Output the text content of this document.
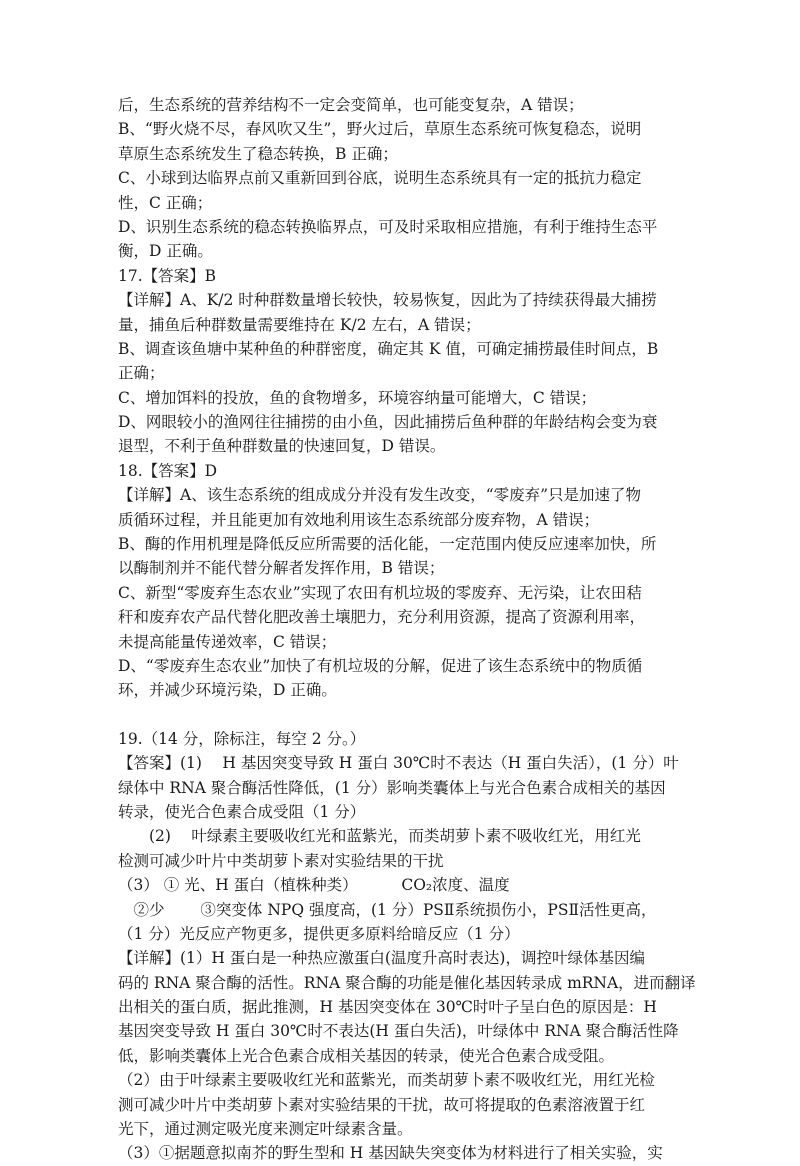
后，生态系统的营养结构不一定会变简单，也可能变复杂，A 错误；
B、“野火烧不尽，春风吹又生”，野火过后，草原生态系统可恢复稳态，说明
草原生态系统发生了稳态转换，B 正确；
C、小球到达临界点前又重新回到谷底，说明生态系统具有一定的抵抗力稳定
性，C 正确；
D、识别生态系统的稳态转换临界点，可及时采取相应措施，有利于维持生态平
衡，D 正确。
17.【答案】B
【详解】A、K/2 时种群数量增长较快，较易恢复，因此为了持续获得最大捕捞
量，捕鱼后种群数量需要维持在 K/2 左右，A 错误；
B、调查该鱼塘中某种鱼的种群密度，确定其 K 值，可确定捕捞最佳时间点，B
正确；
C、增加饵料的投放，鱼的食物增多，环境容纳量可能增大，C 错误；
D、网眼较小的渔网往往捕捞的由小鱼，因此捕捞后鱼种群的年龄结构会变为衰
退型，不利于鱼种群数量的快速回复，D 错误。
18.【答案】D
【详解】A、该生态系统的组成成分并没有发生改变，“零废弃”只是加速了物
质循环过程，并且能更加有效地利用该生态系统部分废弃物，A 错误；
B、酶的作用机理是降低反应所需要的活化能，一定范围内使反应速率加快，所
以酶制剂并不能代替分解者发挥作用，B 错误；
C、新型“零废弃生态农业”实现了农田有机垃圾的零废弃、无污染，让农田秸
秆和废弃农产品代替化肥改善土壤肥力，充分利用资源，提高了资源利用率，
未提高能量传递效率，C 错误；
D、“零废弃生态农业”加快了有机垃圾的分解，促进了该生态系统中的物质循
环，并减少环境污染，D 正确。
19.（14 分，除标注，每空 2 分。）
【答案】(1)　 H 基因突变导致 H 蛋白 30℃时不表达（H 蛋白失活），(1 分）叶
绿体中 RNA 聚合酶活性降低，(1 分）影响类囊体上与光合色素合成相关的基因
转录，使光合色素合成受阻（1 分）
　　(2)　 叶绿素主要吸收红光和蓝紫光，而类胡萝卜素不吸收红光，用红光
检测可减少叶片中类胡萝卜素对实验结果的干扰
（3） ① 光、H 蛋白（植株种类）　　　 CO₂浓度、温度
　②少　 　③突变体 NPQ 强度高，(1 分）PSⅡ系统损伤小，PSⅡ活性更高，
（1 分）光反应产物更多，提供更多原料给暗反应（1 分）
【详解】(1）H 蛋白是一种热应激蛋白(温度升高时表达)，调控叶绿体基因编
码的 RNA 聚合酶的活性。RNA 聚合酶的功能是催化基因转录成 mRNA，进而翻译
出相关的蛋白质，据此推测，H 基因突变体在 30℃时叶子呈白色的原因是：H
基因突变导致 H 蛋白 30℃时不表达(H 蛋白失活)，叶绿体中 RNA 聚合酶活性降
低，影响类囊体上光合色素合成相关基因的转录，使光合色素合成受阻。
（2）由于叶绿素主要吸收红光和蓝紫光，而类胡萝卜素不吸收红光，用红光检
测可减少叶片中类胡萝卜素对实验结果的干扰，故可将提取的色素溶液置于红
光下，通过测定吸光度来测定叶绿素含量。
（3）①据题意拟南芥的野生型和 H 基因缺失突变体为材料进行了相关实验，实
